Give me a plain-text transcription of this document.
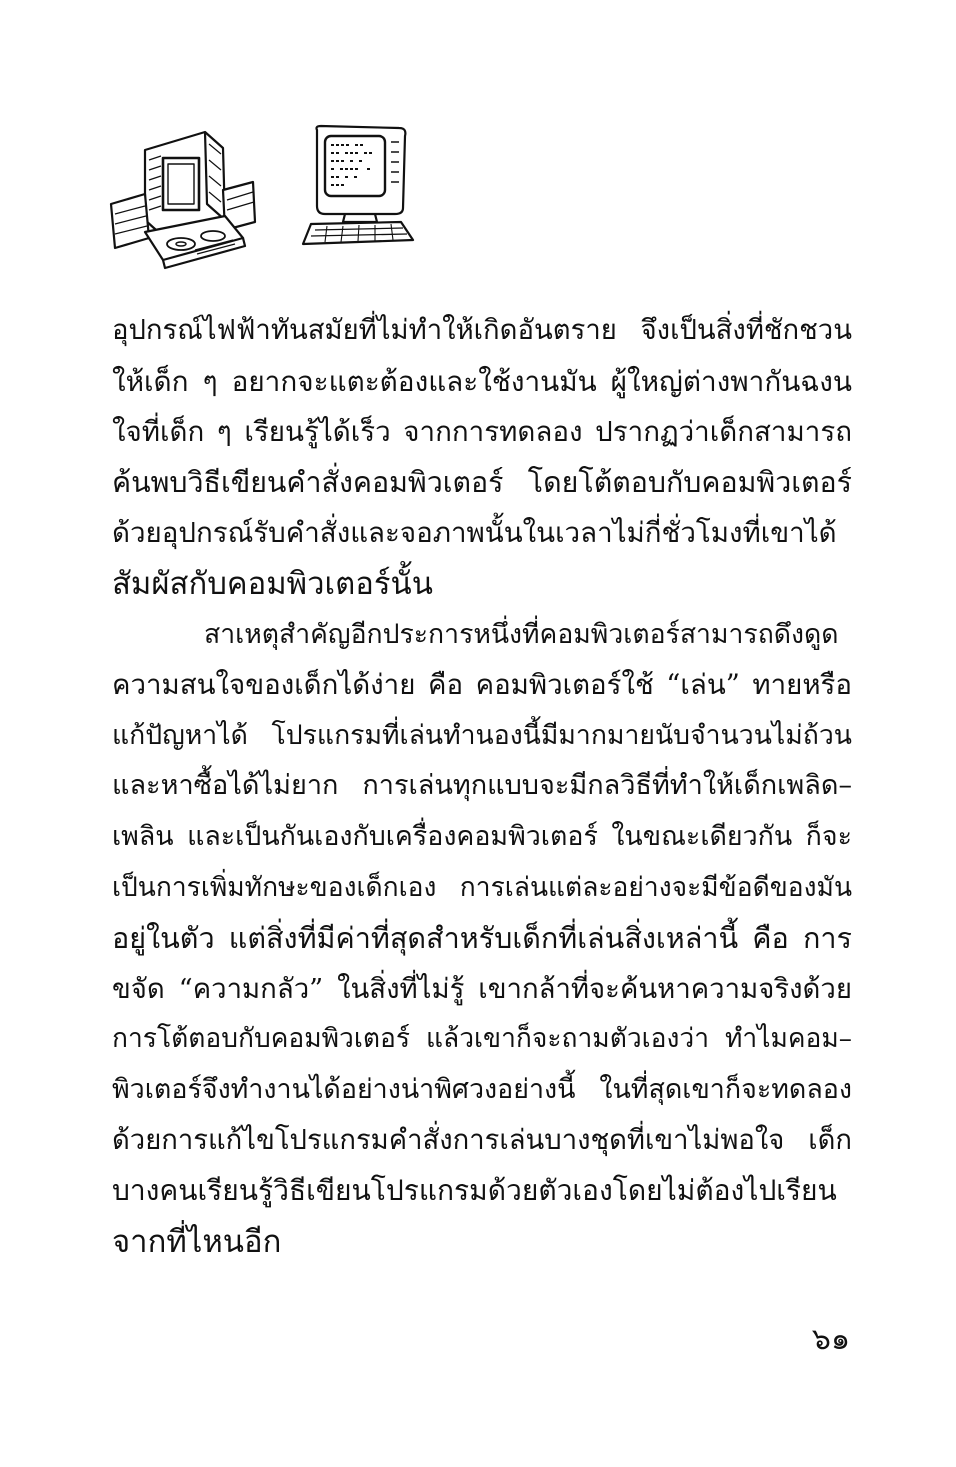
อุปกรณ์ไฟฟ้าทันสมัยที่ไม่ทำให้เกิดอันตราย จึงเป็นสิ่งที่ชักชวน
ให้เด็ก ๆ อยากจะแตะต้องและใช้งานมัน ผู้ใหญ่ต่างพากันฉงน
ใจที่เด็ก ๆ เรียนรู้ได้เร็ว จากการทดลอง ปรากฏว่าเด็กสามารถ
ค้นพบวิธีเขียนคำสั่งคอมพิวเตอร์ โดยโต้ตอบกับคอมพิวเตอร์
ด้วยอุปกรณ์รับคำสั่งและจอภาพนั้นในเวลาไม่กี่ชั่วโมงที่เขาได้
สัมผัสกับคอมพิวเตอร์นั้น
สาเหตุสำคัญอีกประการหนึ่งที่คอมพิวเตอร์สามารถดึงดูด
ความสนใจของเด็กได้ง่าย คือ คอมพิวเตอร์ใช้ “เล่น” ทายหรือ
แก้ปัญหาได้ โปรแกรมที่เล่นทำนองนี้มีมากมายนับจำนวนไม่ถ้วน
และหาซื้อได้ไม่ยาก การเล่นทุกแบบจะมีกลวิธีที่ทำให้เด็กเพลิด–
เพลิน และเป็นกันเองกับเครื่องคอมพิวเตอร์ ในขณะเดียวกัน ก็จะ
เป็นการเพิ่มทักษะของเด็กเอง การเล่นแต่ละอย่างจะมีข้อดีของมัน
อยู่ในตัว แต่สิ่งที่มีค่าที่สุดสำหรับเด็กที่เล่นสิ่งเหล่านี้ คือ การ
ขจัด “ความกลัว” ในสิ่งที่ไม่รู้ เขากล้าที่จะค้นหาความจริงด้วย
การโต้ตอบกับคอมพิวเตอร์ แล้วเขาก็จะถามตัวเองว่า ทำไมคอม–
พิวเตอร์จึงทำงานได้อย่างน่าพิศวงอย่างนี้ ในที่สุดเขาก็จะทดลอง
ด้วยการแก้ไขโปรแกรมคำสั่งการเล่นบางชุดที่เขาไม่พอใจ เด็ก
บางคนเรียนรู้วิธีเขียนโปรแกรมด้วยตัวเองโดยไม่ต้องไปเรียน
จากที่ไหนอีก
๖๑
